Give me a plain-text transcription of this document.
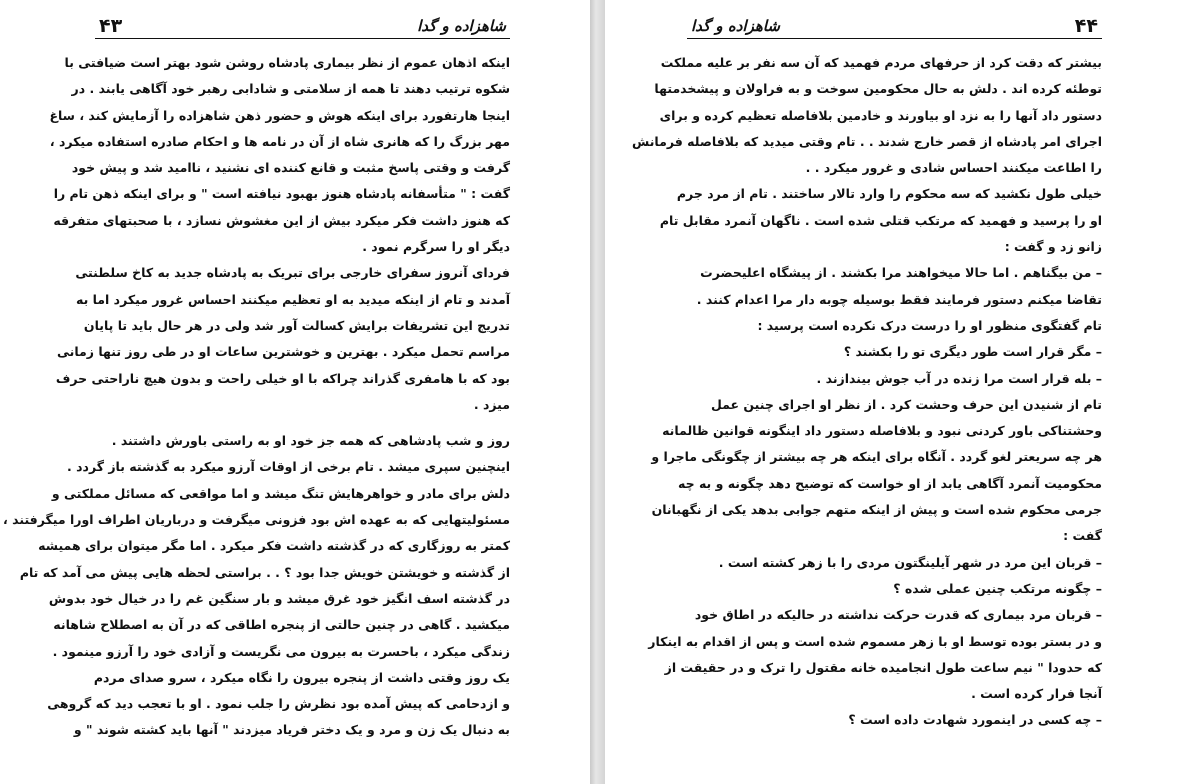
۴۳	شاهزاده و گدا
اینکه اذهان عموم از نظر بیماری پادشاه روشن شود بهتر است ضیافتی با
شکوه ترتیب دهند تا همه از سلامتی و شادابی رهبر خود آگاهی یابند . در
اینجا هارتفورد برای اینکه هوش و حضور ذهن شاهزاده را آزمایش کند ، ساغ
مهر بزرگ را که هانری شاه از آن در نامه ها و احکام صادره استفاده میکرد ،
گرفت و وقتی پاسخ مثبت و قانع کننده ای نشنید ، ناامید شد و پیش خود
گفت : " متأسفانه پادشاه هنوز بهبود نیافته است " و برای اینکه ذهن تام را
که هنوز داشت فکر میکرد بیش از این مغشوش نسازد ، با صحبتهای متفرقه
دیگر او را سرگرم نمود .
فردای آنروز سفرای خارجی برای تبریک به پادشاه جدید به کاخ سلطنتی
آمدند و تام از اینکه میدید به او تعظیم میکنند احساس غرور میکرد اما به
تدریج این تشریفات برایش کسالت آور شد ولی در هر حال باید تا پایان
مراسم تحمل میکرد . بهترین و خوشترین ساعات او در طی روز تنها زمانی
بود که با هامفری گذراند چراکه با او خیلی راحت و بدون هیچ ناراحتی حرف
میزد .
روز و شب پادشاهی که همه جز خود او به راستی باورش داشتند .
اینچنین سپری میشد . تام برخی از اوقات آرزو میکرد به گذشته باز گردد .
دلش برای مادر و خواهرهایش تنگ میشد و اما مواقعی که مسائل مملکتی و
مسئولیتهایی که به عهده اش بود فزونی میگرفت و درباریان اطراف اورا میگرفتند ،
کمتر به روزگاری که در گذشته داشت فکر میکرد . اما مگر میتوان برای همیشه
از گذشته و خویشتن خویش جدا بود ؟ . . براستی لحظه هایی پیش می آمد که تام
در گذشته اسف انگیز خود غرق میشد و بار سنگین غم را در خیال خود بدوش
میکشید . گاهی در چنین حالتی از پنجره اطاقی که در آن به اصطلاح شاهانه
زندگی میکرد ، باحسرت به بیرون می نگریست و آزادی خود را آرزو مینمود .
یک روز وقتی داشت از پنجره بیرون را نگاه میکرد ، سرو صدای مردم
و ازدحامی که پیش آمده بود نظرش را جلب نمود . او با تعجب دید که گروهی
به دنبال یک زن و مرد و یک دختر فریاد میزدند " آنها باید کشته شوند " و
۴۴
شاهزاده و گدا
بیشتر که دقت کرد از حرفهای مردم فهمید که آن سه نفر بر علیه مملکت
توطئه کرده اند . دلش به حال محکومین سوخت و به فراولان و پیشخدمتها
دستور داد آنها را به نزد او بیاورند و خادمین بلافاصله تعظیم کرده و برای
اجرای امر پادشاه از قصر خارج شدند . . تام وقتی میدید که بلافاصله فرمانش
را اطاعت میکنند احساس شادی و غرور میکرد . .
خیلی طول نکشید که سه محکوم را وارد تالار ساختند . تام از مرد جرم
او را پرسید و فهمید که مرتکب قتلی شده است . ناگهان آنمرد مقابل تام
زانو زد و گفت :
– من بیگناهم . اما حالا میخواهند مرا بکشند . از پیشگاه اعلیحضرت
تقاضا میکنم دستور فرمایند فقط بوسیله چوبه دار مرا اعدام کنند .
تام گفتگوی منظور او را درست درک نکرده است پرسید :
– مگر قرار است طور دیگری تو را بکشند ؟
– بله قرار است مرا زنده در آب جوش بیندازند .
تام از شنیدن این حرف وحشت کرد . از نظر او اجرای چنین عمل
وحشتناکی باور کردنی نبود و بلافاصله دستور داد اینگونه قوانین ظالمانه
هر چه سریعتر لغو گردد . آنگاه برای اینکه هر چه بیشتر از چگونگی ماجرا و
محکومیت آنمرد آگاهی یابد از او خواست که توضیح دهد چگونه و به چه
جرمی محکوم شده است و پیش از اینکه متهم جوابی بدهد یکی از نگهبانان
گفت :
– قربان این مرد در شهر آیلینگتون مردی را با زهر کشته است .
– چگونه مرتکب چنین عملی شده ؟
– قربان مرد بیماری که قدرت حرکت نداشته در حالیکه در اطاق خود
و در بستر بوده توسط او با زهر مسموم شده است و پس از اقدام به اینکار
که حدودا " نیم ساعت طول انجامیده خانه مقتول را ترک و در حقیقت از
آنجا فرار کرده است .
– چه کسی در اینمورد شهادت داده است ؟
